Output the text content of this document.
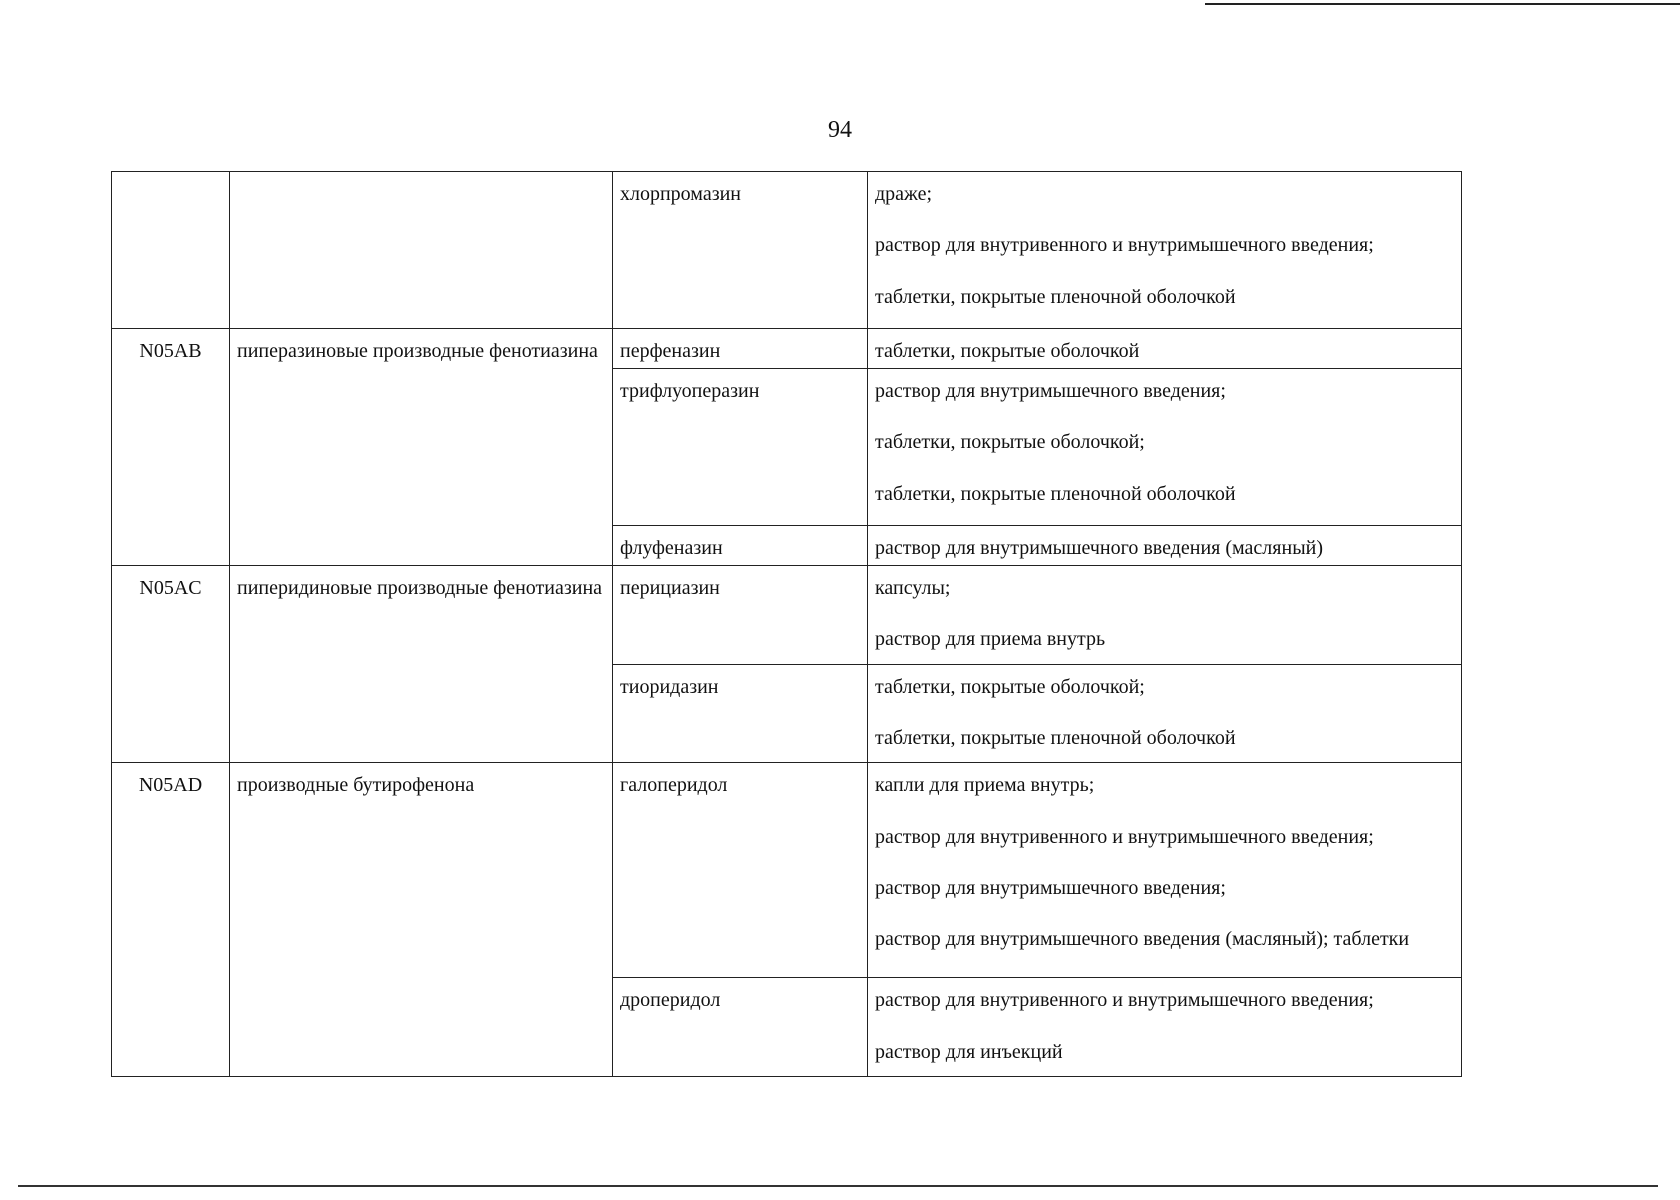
94
		хлорпромазин	драже;
раствор для внутривенного и внутримышечного введения;
таблетки, покрытые пленочной оболочкой

N05AB	пиперазиновые производные фенотиазина	перфеназин	таблетки, покрытые оболочкой

		трифлуоперазин	раствор для внутримышечного введения;
таблетки, покрытые оболочкой;
таблетки, покрытые пленочной оболочкой

		флуфеназин	раствор для внутримышечного введения (масляный)

N05AC	пиперидиновые производные фенотиазина	перициазин	капсулы;
раствор для приема внутрь

		тиоридазин	таблетки, покрытые оболочкой;
таблетки, покрытые пленочной оболочкой

N05AD	производные бутирофенона	галоперидол	капли для приема внутрь;
раствор для внутривенного и внутримышечного введения;
раствор для внутримышечного введения;
раствор для внутримышечного введения (масляный); таблетки

		дроперидол	раствор для внутривенного и внутримышечного введения;
раствор для инъекций
